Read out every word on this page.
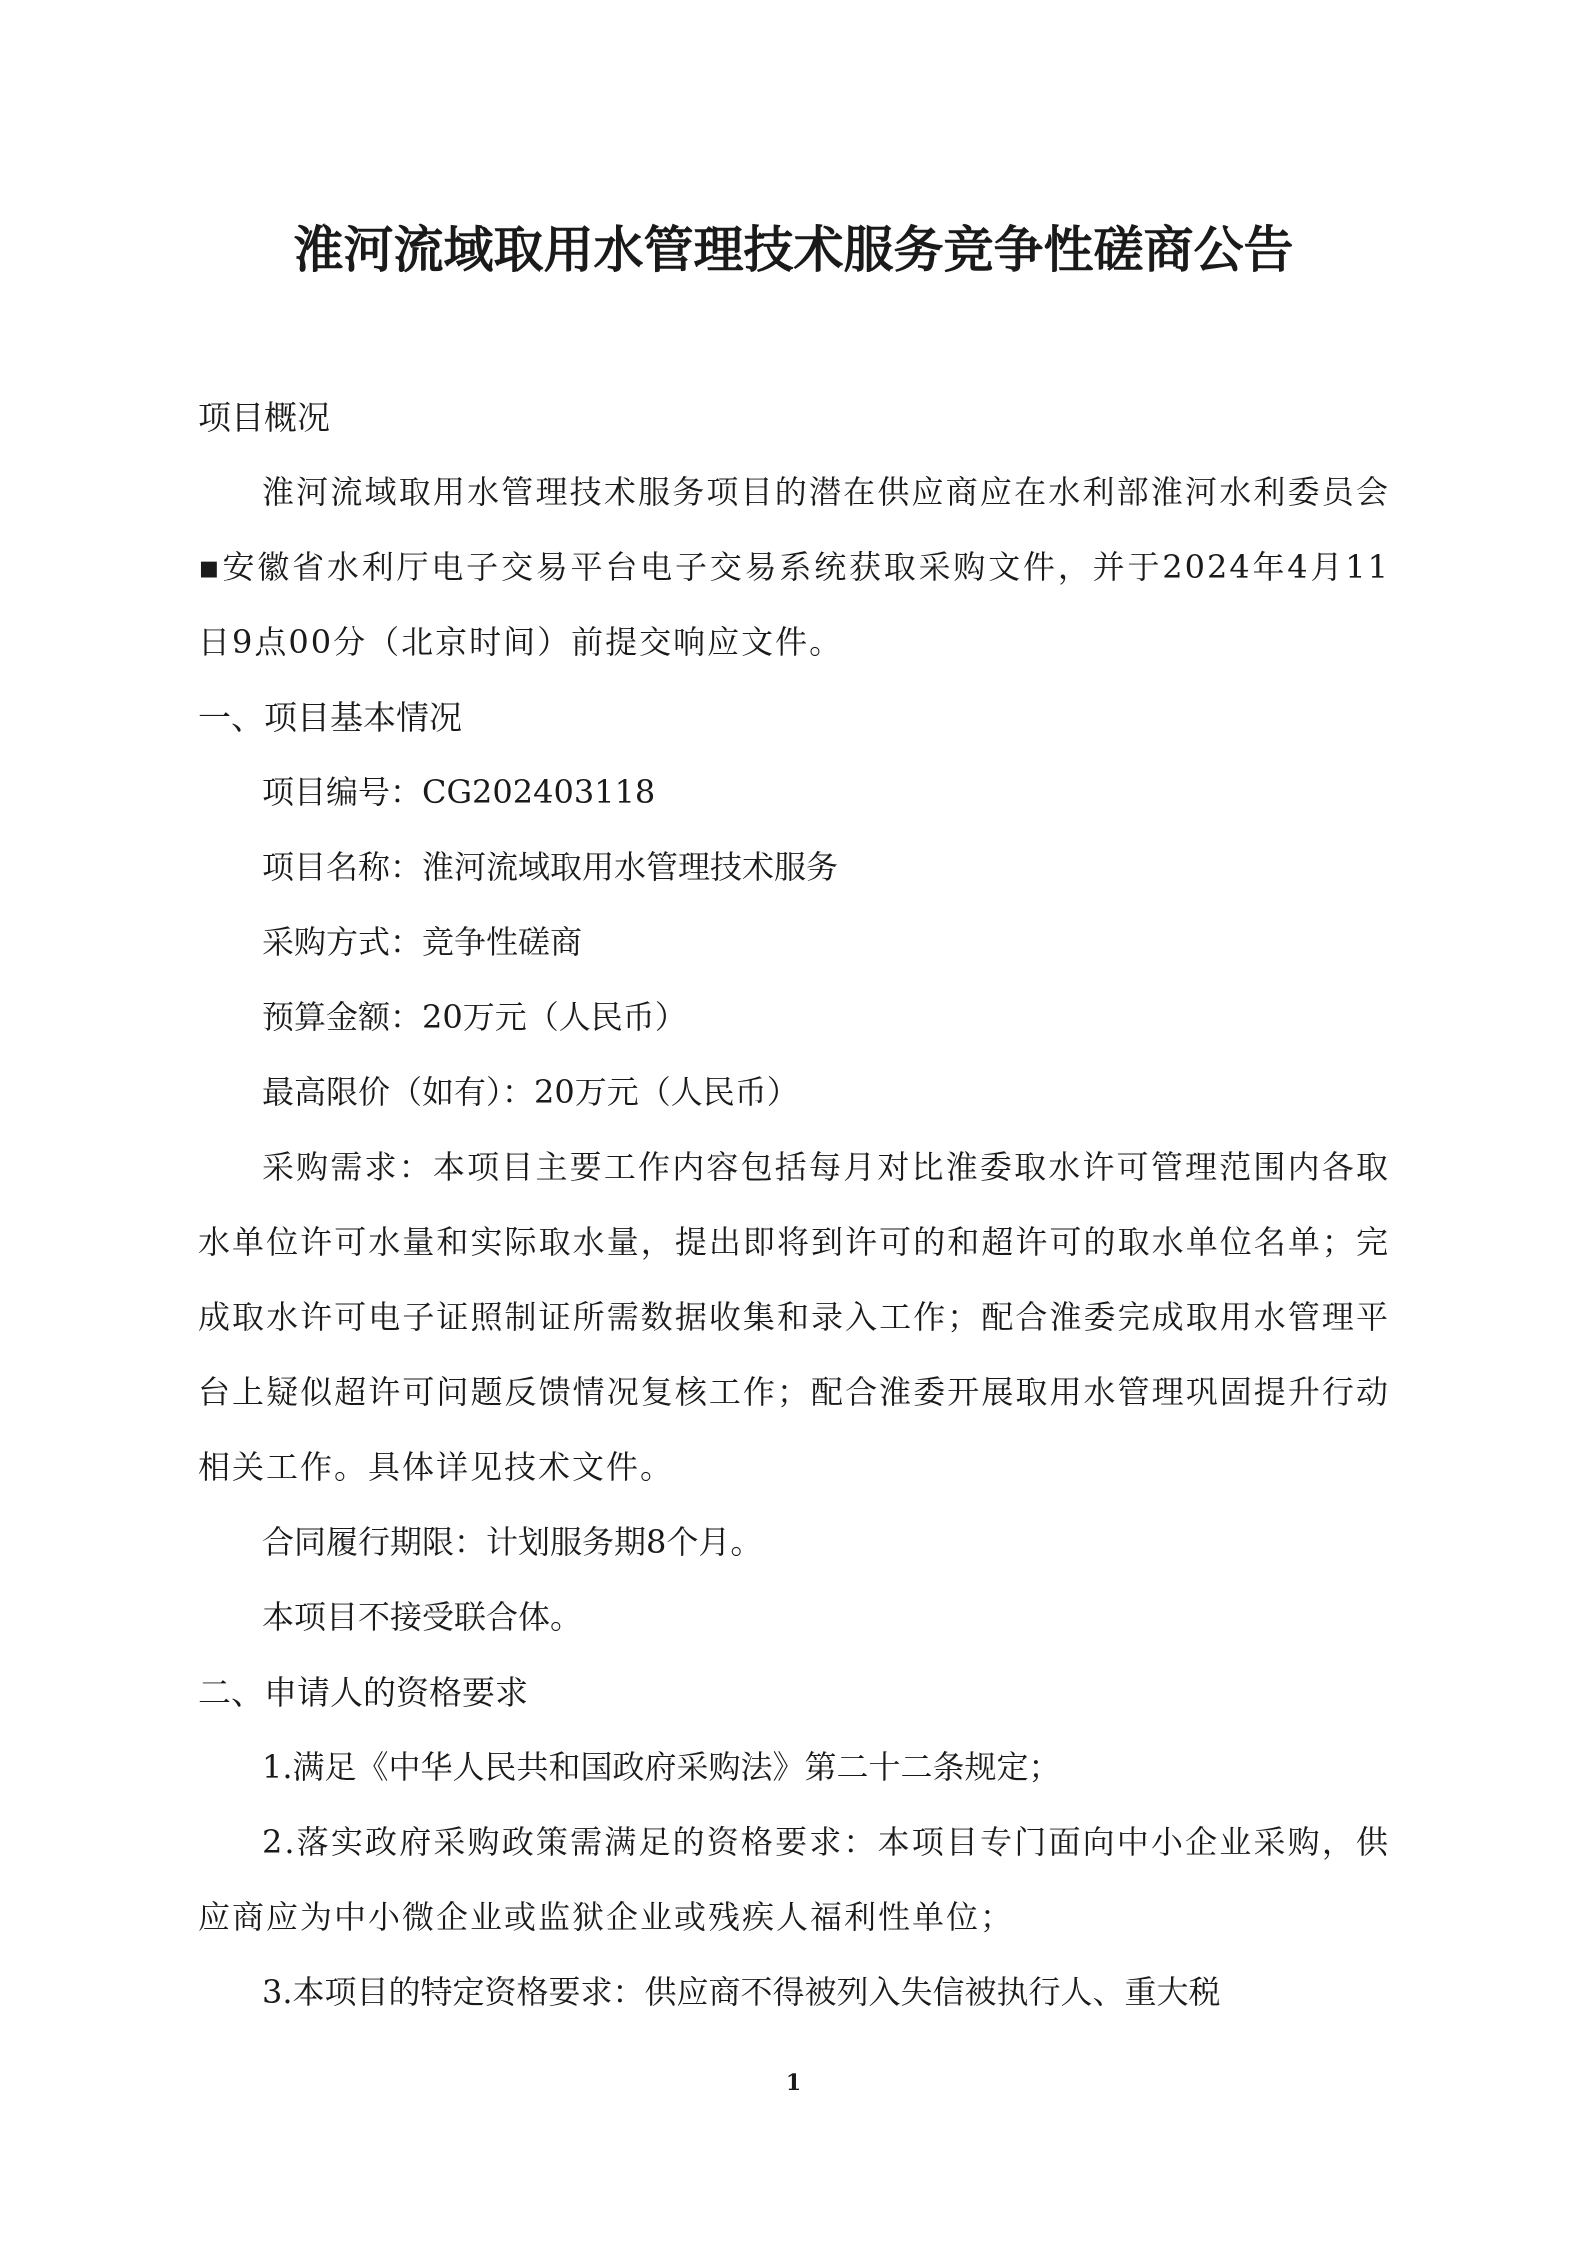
淮河流域取用水管理技术服务竞争性磋商公告
项目概况

淮河流域取用水管理技术服务项目的潜在供应商应在水利部淮河水利委员会▪安徽省水利厅电子交易平台电子交易系统获取采购文件，并于2024年4月11日9点00分（北京时间）前提交响应文件。

一、项目基本情况

项目编号：CG202403118

项目名称：淮河流域取用水管理技术服务

采购方式：竞争性磋商

预算金额：20万元（人民币）

最高限价（如有）：20万元（人民币）

采购需求：本项目主要工作内容包括每月对比淮委取水许可管理范围内各取水单位许可水量和实际取水量，提出即将到许可的和超许可的取水单位名单；完成取水许可电子证照制证所需数据收集和录入工作；配合淮委完成取用水管理平台上疑似超许可问题反馈情况复核工作；配合淮委开展取用水管理巩固提升行动相关工作。具体详见技术文件。

合同履行期限：计划服务期8个月。

本项目不接受联合体。

二、申请人的资格要求

1.满足《中华人民共和国政府采购法》第二十二条规定；

2.落实政府采购政策需满足的资格要求：本项目专门面向中小企业采购，供应商应为中小微企业或监狱企业或残疾人福利性单位；

3.本项目的特定资格要求：供应商不得被列入失信被执行人、重大税

1
